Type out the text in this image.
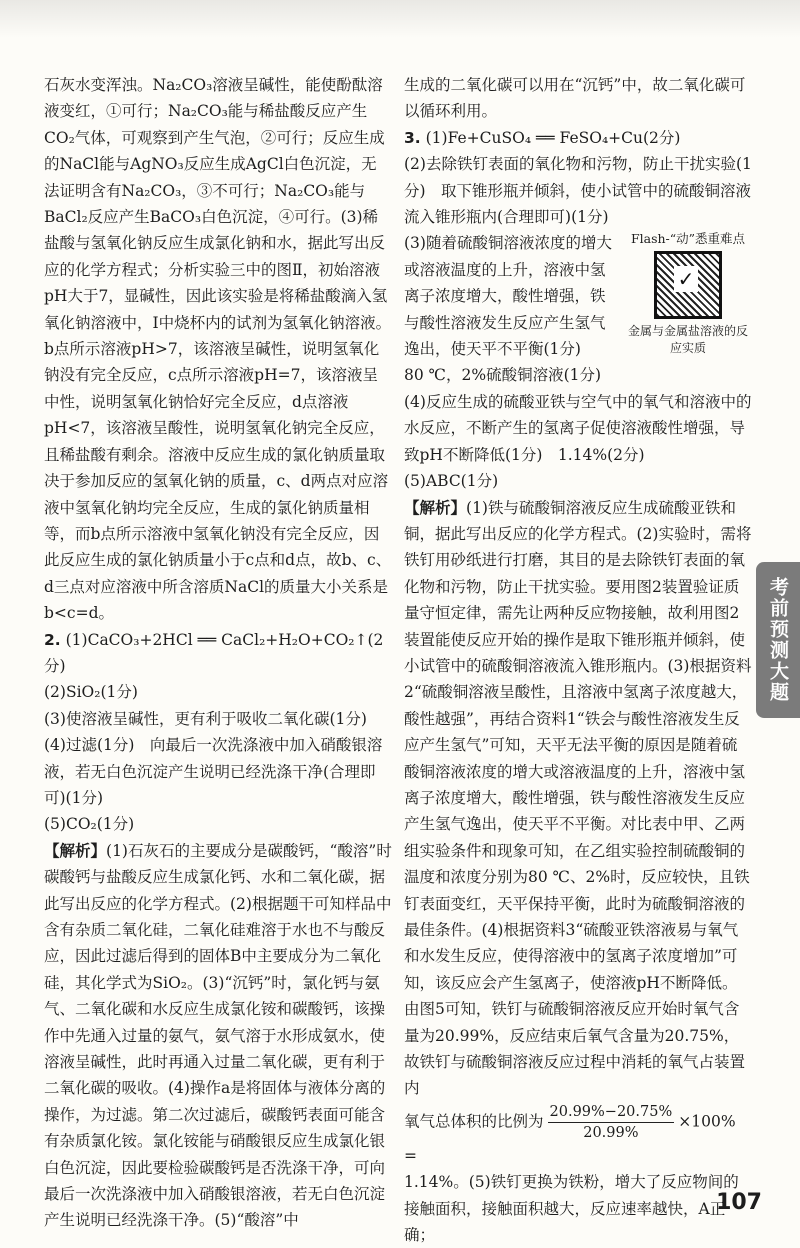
石灰水变浑浊。Na₂CO₃溶液呈碱性，能使酚酞溶液变红，①可行；Na₂CO₃能与稀盐酸反应产生CO₂气体，可观察到产生气泡，②可行；反应生成的NaCl能与AgNO₃反应生成AgCl白色沉淀，无法证明含有Na₂CO₃，③不可行；Na₂CO₃能与BaCl₂反应产生BaCO₃白色沉淀，④可行。(3)稀盐酸与氢氧化钠反应生成氯化钠和水，据此写出反应的化学方程式；分析实验三中的图Ⅱ，初始溶液pH大于7，显碱性，因此该实验是将稀盐酸滴入氢氧化钠溶液中，Ⅰ中烧杯内的试剂为氢氧化钠溶液。b点所示溶液pH>7，该溶液呈碱性，说明氢氧化钠没有完全反应，c点所示溶液pH=7，该溶液呈中性，说明氢氧化钠恰好完全反应，d点溶液pH<7，该溶液呈酸性，说明氢氧化钠完全反应，且稀盐酸有剩余。溶液中反应生成的氯化钠质量取决于参加反应的氢氧化钠的质量，c、d两点对应溶液中氢氧化钠均完全反应，生成的氯化钠质量相等，而b点所示溶液中氢氧化钠没有完全反应，因此反应生成的氯化钠质量小于c点和d点，故b、c、d三点对应溶液中所含溶质NaCl的质量大小关系是b<c=d。

2. (1)CaCO₃+2HCl ══ CaCl₂+H₂O+CO₂↑(2分)

(2)SiO₂(1分)

(3)使溶液呈碱性，更有利于吸收二氧化碳(1分)

(4)过滤(1分)　向最后一次洗涤液中加入硝酸银溶液，若无白色沉淀产生说明已经洗涤干净(合理即可)(1分)

(5)CO₂(1分)

【解析】(1)石灰石的主要成分是碳酸钙，“酸溶”时碳酸钙与盐酸反应生成氯化钙、水和二氧化碳，据此写出反应的化学方程式。(2)根据题干可知样品中含有杂质二氧化硅，二氧化硅难溶于水也不与酸反应，因此过滤后得到的固体B中主要成分为二氧化硅，其化学式为SiO₂。(3)“沉钙”时，氯化钙与氨气、二氧化碳和水反应生成氯化铵和碳酸钙，该操作中先通入过量的氨气，氨气溶于水形成氨水，使溶液呈碱性，此时再通入过量二氧化碳，更有利于二氧化碳的吸收。(4)操作a是将固体与液体分离的操作，为过滤。第二次过滤后，碳酸钙表面可能含有杂质氯化铵。氯化铵能与硝酸银反应生成氯化银白色沉淀，因此要检验碳酸钙是否洗涤干净，可向最后一次洗涤液中加入硝酸银溶液，若无白色沉淀产生说明已经洗涤干净。(5)“酸溶”中

生成的二氧化碳可以用在“沉钙”中，故二氧化碳可以循环利用。

3. (1)Fe+CuSO₄ ══ FeSO₄+Cu(2分)

(2)去除铁钉表面的氧化物和污物，防止干扰实验(1分)　取下锥形瓶并倾斜，使小试管中的硫酸铜溶液流入锥形瓶内(合理即可)(1分)

Flash-“动”悉重难点
✓
金属与金属盐溶液的反应实质

(3)随着硫酸铜溶液浓度的增大或溶液温度的上升，溶液中氢离子浓度增大，酸性增强，铁与酸性溶液发生反应产生氢气逸出，使天平不平衡(1分)　80 ℃，2%硫酸铜溶液(1分)

(4)反应生成的硫酸亚铁与空气中的氧气和溶液中的水反应，不断产生的氢离子促使溶液酸性增强，导致pH不断降低(1分)　1.14%(2分)

(5)ABC(1分)

【解析】(1)铁与硫酸铜溶液反应生成硫酸亚铁和铜，据此写出反应的化学方程式。(2)实验时，需将铁钉用砂纸进行打磨，其目的是去除铁钉表面的氧化物和污物，防止干扰实验。要用图2装置验证质量守恒定律，需先让两种反应物接触，故利用图2装置能使反应开始的操作是取下锥形瓶并倾斜，使小试管中的硫酸铜溶液流入锥形瓶内。(3)根据资料2“硫酸铜溶液呈酸性，且溶液中氢离子浓度越大，酸性越强”，再结合资料1“铁会与酸性溶液发生反应产生氢气”可知，天平无法平衡的原因是随着硫酸铜溶液浓度的增大或溶液温度的上升，溶液中氢离子浓度增大，酸性增强，铁与酸性溶液发生反应产生氢气逸出，使天平不平衡。对比表中甲、乙两组实验条件和现象可知，在乙组实验控制硫酸铜的温度和浓度分别为80 ℃、2%时，反应较快，且铁钉表面变红，天平保持平衡，此时为硫酸铜溶液的最佳条件。(4)根据资料3“硫酸亚铁溶液易与氧气和水发生反应，使得溶液中的氢离子浓度增加”可知，该反应会产生氢离子，使溶液pH不断降低。由图5可知，铁钉与硫酸铜溶液反应开始时氧气含量为20.99%，反应结束后氧气含量为20.75%，故铁钉与硫酸铜溶液反应过程中消耗的氧气占装置内

氧气总体积的比例为 $\frac{20.99\%-20.75\%}{20.99\%} \times 100\%$ =

1.14%。(5)铁钉更换为铁粉，增大了反应物间的接触面积，接触面积越大，反应速率越快，A正确；

考前预测大题
107
